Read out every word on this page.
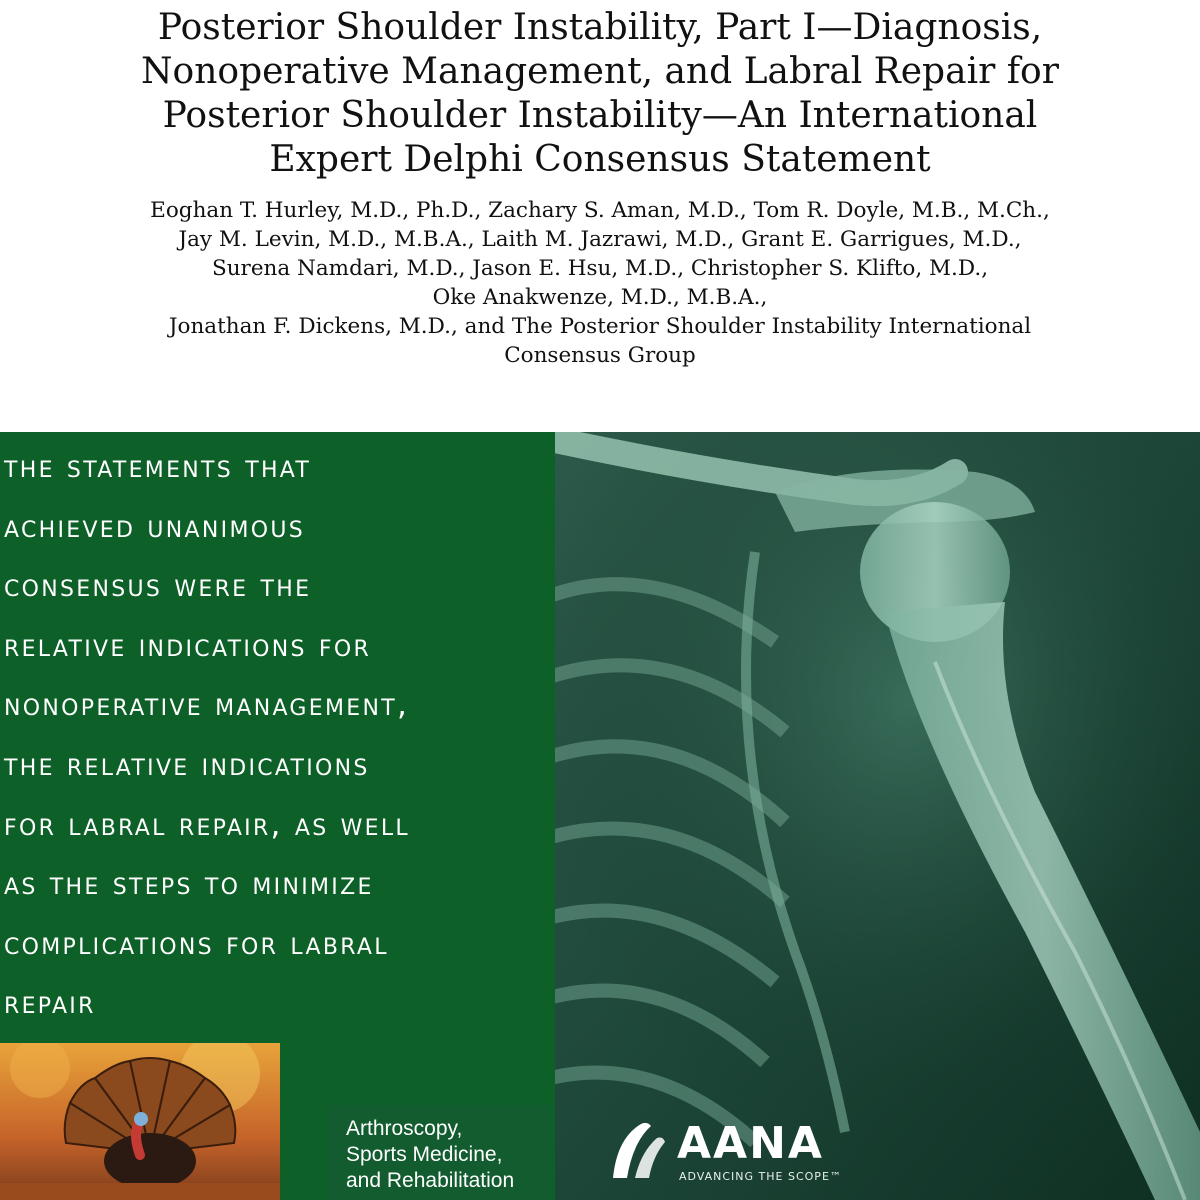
Posterior Shoulder Instability, Part I—Diagnosis,
Nonoperative Management, and Labral Repair for
Posterior Shoulder Instability—An International
Expert Delphi Consensus Statement
Eoghan T. Hurley, M.D., Ph.D., Zachary S. Aman, M.D., Tom R. Doyle, M.B., M.Ch.,
Jay M. Levin, M.D., M.B.A., Laith M. Jazrawi, M.D., Grant E. Garrigues, M.D.,
Surena Namdari, M.D., Jason E. Hsu, M.D., Christopher S. Klifto, M.D.,
Oke Anakwenze, M.D., M.B.A.,
Jonathan F. Dickens, M.D., and The Posterior Shoulder Instability International
Consensus Group

the statements that
achieved unanimous
consensus were the
relative indications for
nonoperative management,
the relative indications
for labral repair, as well
as the steps to minimize
complications for labral
repair

Arthroscopy,
Sports Medicine,
and Rehabilitation
AANA
ADVANCING THE SCOPE™
